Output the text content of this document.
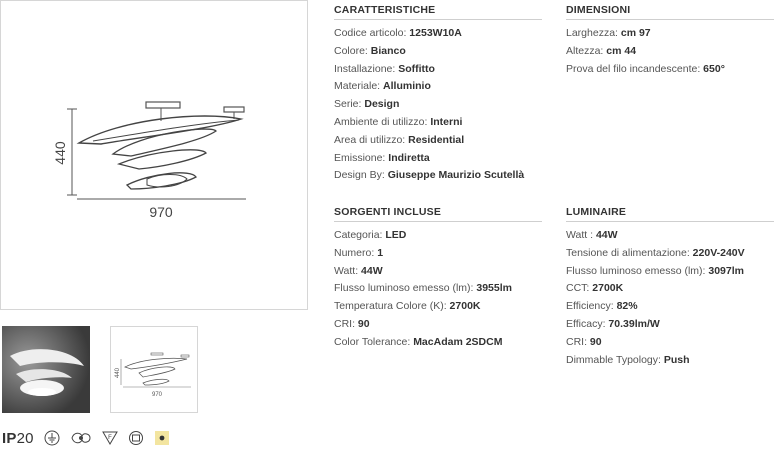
440
970
440
970
IP20	F
CARATTERISTICHE
Codice articolo: 1253W10A
Colore: Bianco
Installazione: Soffitto
Materiale: Alluminio
Serie: Design
Ambiente di utilizzo: Interni
Area di utilizzo: Residential
Emissione: Indiretta
Design By: Giuseppe Maurizio Scutellà
DIMENSIONI
Larghezza: cm 97
Altezza: cm 44
Prova del filo incandescente: 650°
SORGENTI INCLUSE
Categoria: LED
Numero: 1
Watt: 44W
Flusso luminoso emesso (lm): 3955lm
Temperatura Colore (K): 2700K
CRI: 90
Color Tolerance: MacAdam 2SDCM
LUMINAIRE
Watt : 44W
Tensione di alimentazione: 220V-240V
Flusso luminoso emesso (lm): 3097lm
CCT: 2700K
Efficiency: 82%
Efficacy: 70.39lm/W
CRI: 90
Dimmable Typology: Push
